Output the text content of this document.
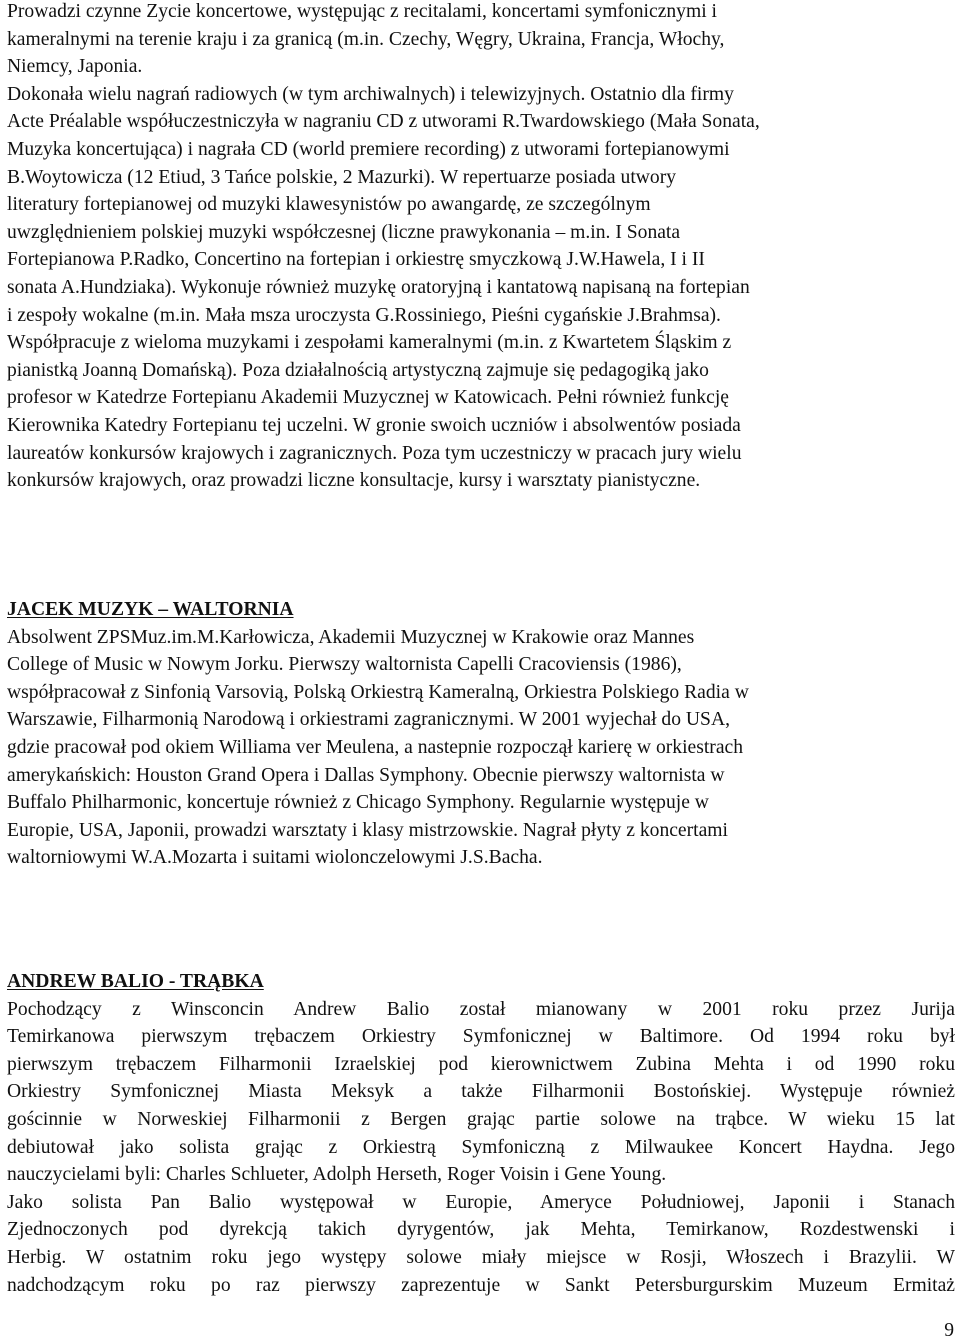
Prowadzi czynne Zycie koncertowe, występując z recitalami, koncertami symfonicznymi i
kameralnymi na terenie kraju i za granicą (m.in. Czechy, Węgry, Ukraina, Francja, Włochy,
Niemcy, Japonia.
Dokonała wielu nagrań radiowych (w tym archiwalnych) i telewizyjnych. Ostatnio dla firmy
Acte Préalable współuczestniczyła w nagraniu CD z utworami R.Twardowskiego (Mała Sonata,
Muzyka koncertująca) i nagrała CD (world premiere recording) z utworami fortepianowymi
B.Woytowicza (12 Etiud, 3 Tańce polskie, 2 Mazurki). W repertuarze posiada utwory
literatury fortepianowej od muzyki klawesynistów po awangardę, ze szczególnym
uwzględnieniem polskiej muzyki współczesnej (liczne prawykonania – m.in. I Sonata
Fortepianowa P.Radko, Concertino na fortepian i orkiestrę smyczkową J.W.Hawela, I i II
sonata A.Hundziaka). Wykonuje również muzykę oratoryjną i kantatową napisaną na fortepian
i zespoły wokalne (m.in. Mała msza uroczysta G.Rossiniego, Pieśni cygańskie J.Brahmsa).
Współpracuje z wieloma muzykami i zespołami kameralnymi (m.in. z Kwartetem Śląskim z
pianistką Joanną Domańską). Poza działalnością artystyczną zajmuje się pedagogiką jako
profesor w Katedrze Fortepianu Akademii Muzycznej w Katowicach. Pełni również funkcję
Kierownika Katedry Fortepianu tej uczelni. W gronie swoich uczniów i absolwentów posiada
laureatów konkursów krajowych i zagranicznych. Poza tym uczestniczy w pracach jury wielu
konkursów krajowych, oraz prowadzi liczne konsultacje, kursy i warsztaty pianistyczne.

JACEK MUZYK – WALTORNIA

Absolwent ZPSMuz.im.M.Karłowicza, Akademii Muzycznej w Krakowie oraz Mannes
College of Music w Nowym Jorku. Pierwszy waltornista Capelli Cracoviensis (1986),
współpracował z Sinfonią Varsovią, Polską Orkiestrą Kameralną, Orkiestra Polskiego Radia w
Warszawie, Filharmonią Narodową i orkiestrami zagranicznymi. W 2001 wyjechał do USA,
gdzie pracował pod okiem Williama ver Meulena, a nastepnie rozpoczął karierę w orkiestrach
amerykańskich: Houston Grand Opera i Dallas Symphony. Obecnie pierwszy waltornista w
Buffalo Philharmonic, koncertuje również z Chicago Symphony. Regularnie występuje w
Europie, USA, Japonii, prowadzi warsztaty i klasy mistrzowskie. Nagrał płyty z koncertami
waltorniowymi W.A.Mozarta i suitami wiolonczelowymi J.S.Bacha.

ANDREW BALIO - TRĄBKA

Pochodzący z Winsconcin Andrew Balio został mianowany w 2001 roku przez Jurija
Temirkanowa pierwszym trębaczem Orkiestry Symfonicznej w Baltimore. Od 1994 roku był
pierwszym trębaczem Filharmonii Izraelskiej pod kierownictwem Zubina Mehta i od 1990 roku
Orkiestry Symfonicznej Miasta Meksyk a także Filharmonii Bostońskiej. Występuje również
gościnnie w Norweskiej Filharmonii z Bergen grając partie solowe na trąbce. W wieku 15 lat
debiutował jako solista grając z Orkiestrą Symfoniczną z Milwaukee Koncert Haydna. Jego
nauczycielami byli: Charles Schlueter, Adolph Herseth, Roger Voisin i Gene Young.
Jako solista Pan Balio występował w Europie, Ameryce Południowej, Japonii i Stanach
Zjednoczonych pod dyrekcją takich dyrygentów, jak Mehta, Temirkanow, Rozdestwenski i
Herbig. W ostatnim roku jego występy solowe miały miejsce w Rosji, Włoszech i Brazylii. W
nadchodzącym roku po raz pierwszy zaprezentuje w Sankt Petersburgurskim Muzeum Ermitaż

9
